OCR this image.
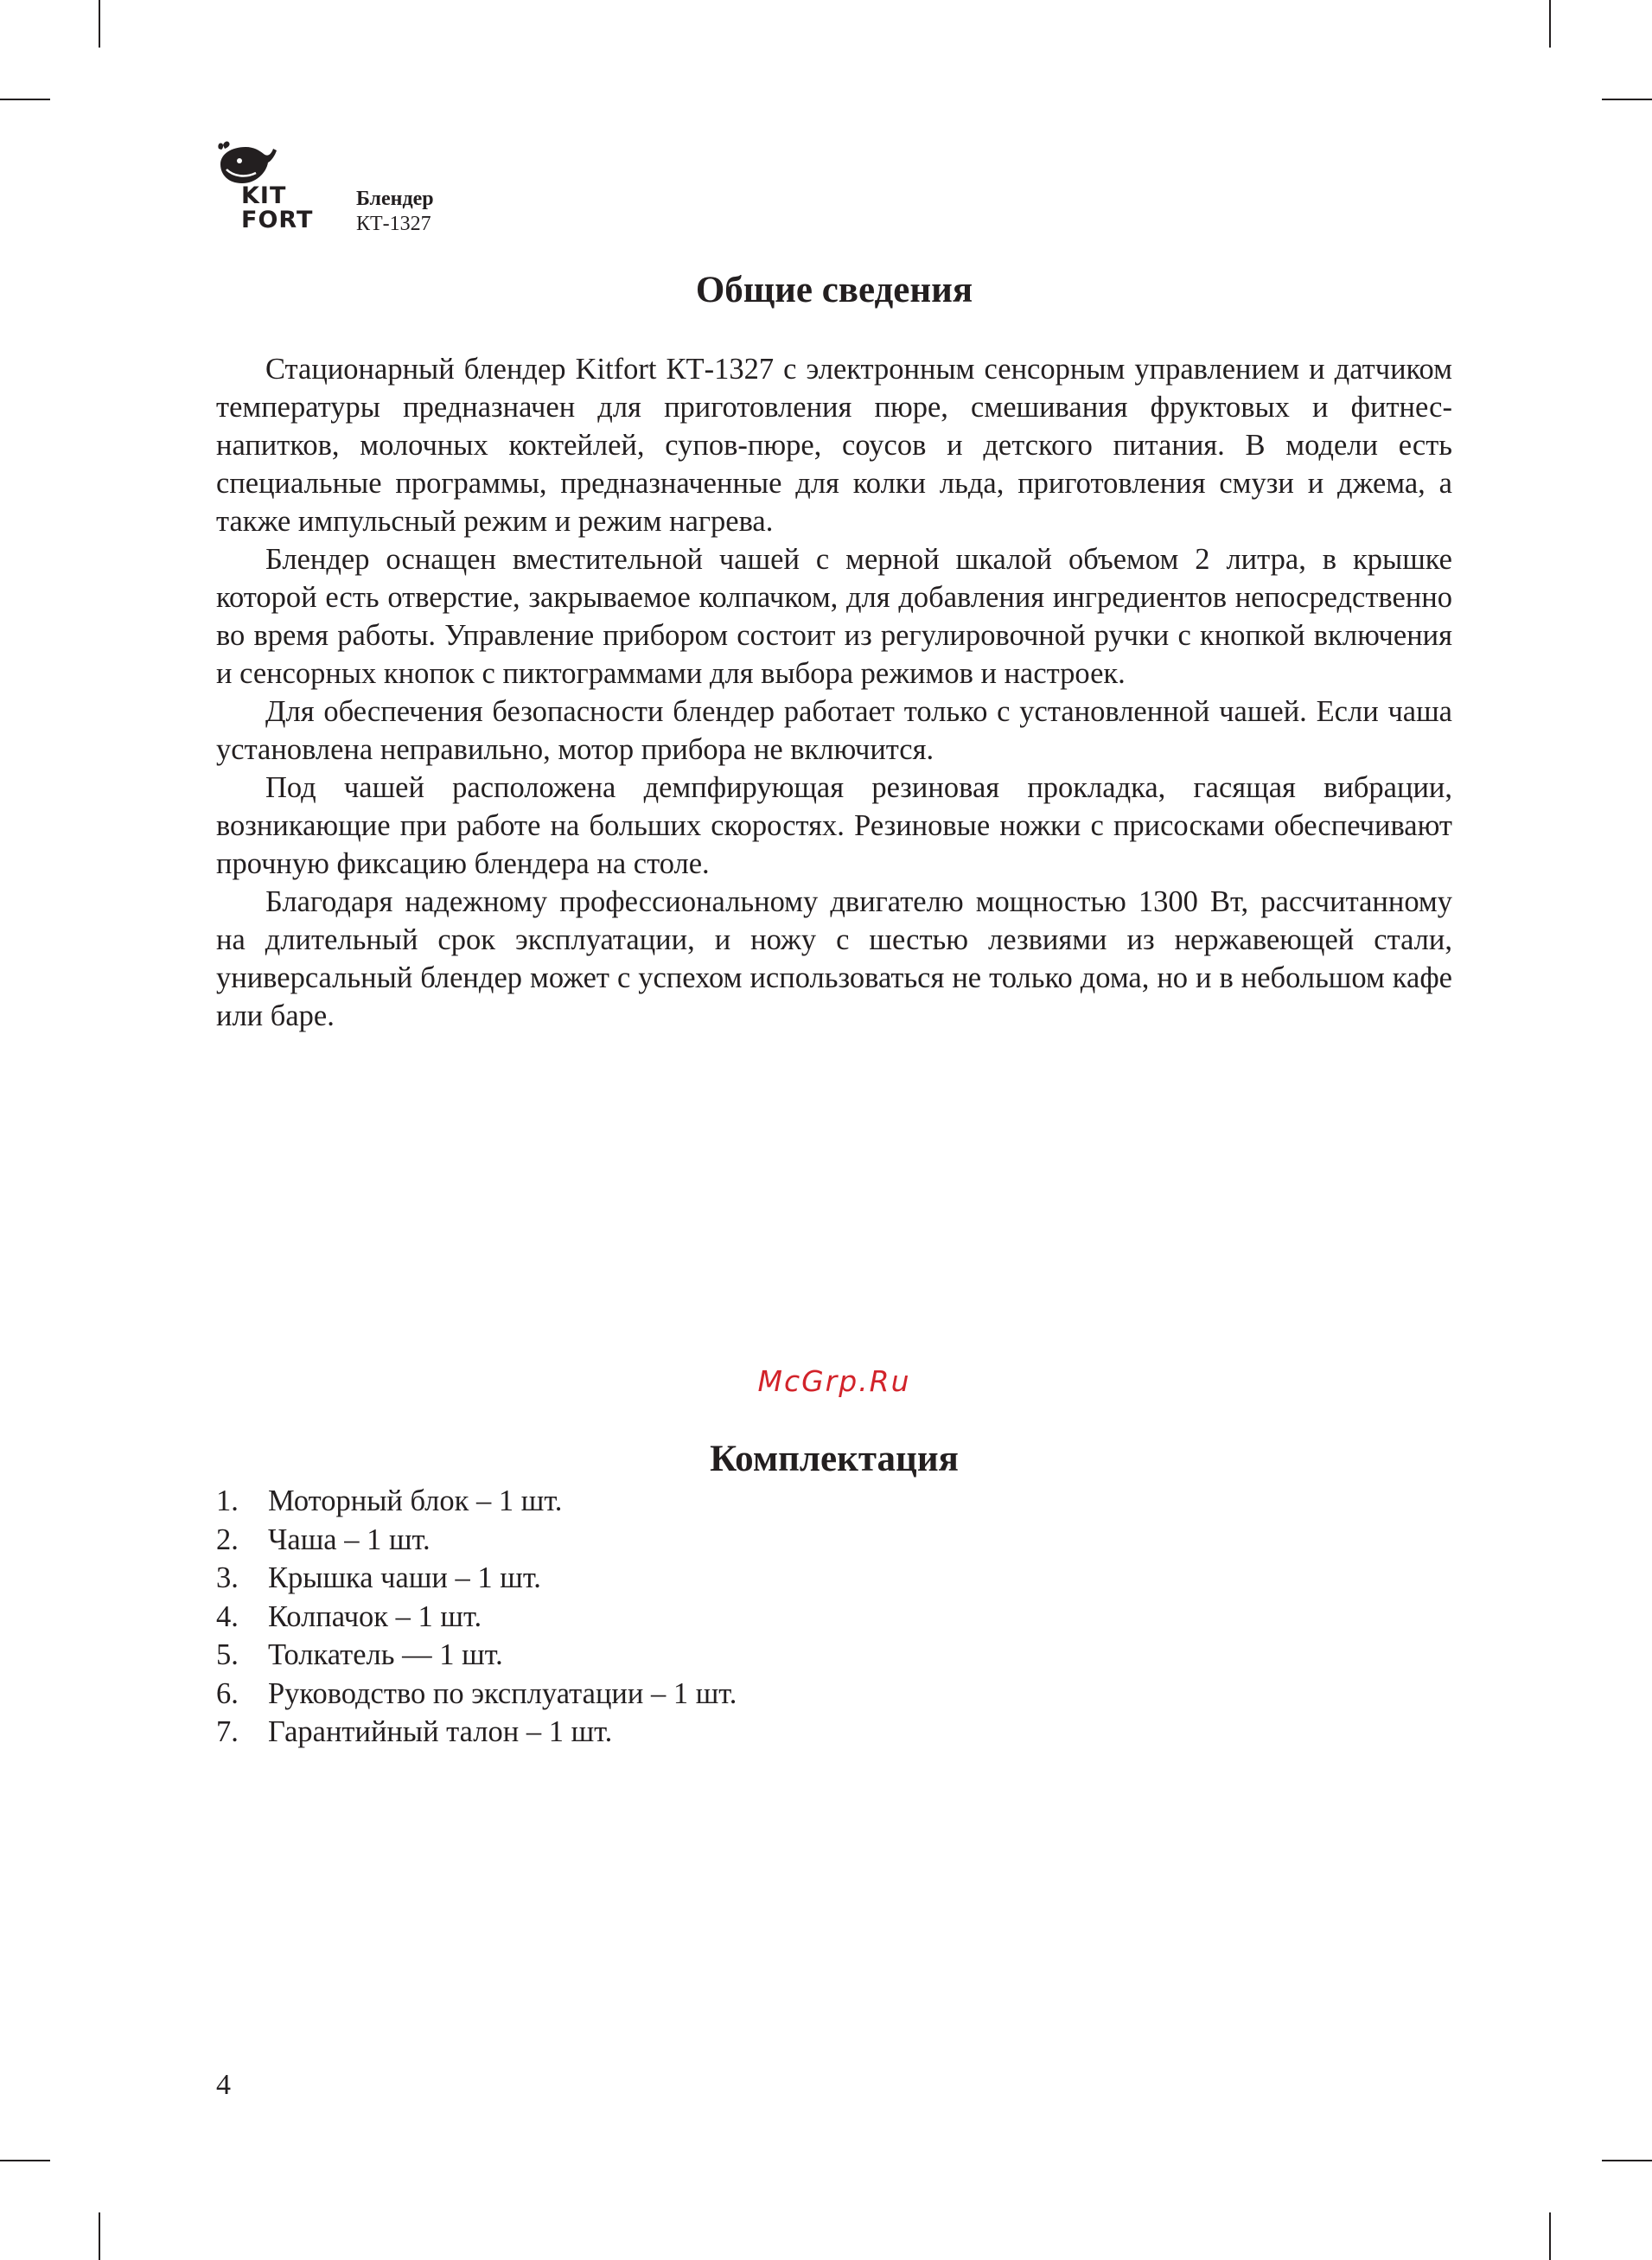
KIT
FORT
Блендер
КТ-1327
Общие сведения

Стационарный блендер Kitfort КТ-1327 с электронным сенсорным управлением и датчиком температуры предназначен для приготовления пюре, смешивания фруктовых и фитнес-напитков, молочных коктейлей, супов-пюре, соусов и детского питания. В модели есть специальные программы, предназначенные для колки льда, приготовления смузи и джема, а также импульсный режим и режим нагрева.

Блендер оснащен вместительной чашей с мерной шкалой объемом 2 литра, в крышке которой есть отверстие, закрываемое колпачком, для добавления ингредиентов непосредственно во время работы. Управление прибором состоит из регулировочной ручки с кнопкой включения и сенсорных кнопок с пиктограммами для выбора режимов и настроек.

Для обеспечения безопасности блендер работает только с установленной чашей. Если чаша установлена неправильно, мотор прибора не включится.

Под чашей расположена демпфирующая резиновая прокладка, гасящая вибрации, возникающие при работе на больших скоростях. Резиновые ножки с присосками обеспечивают прочную фиксацию блендера на столе.

Благодаря надежному профессиональному двигателю мощностью 1300 Вт, рассчитанному на длительный срок эксплуатации, и ножу с шестью лезвиями из нержавеющей стали, универсальный блендер может с успехом использоваться не только дома, но и в небольшом кафе или баре.

McGrp.Ru
Комплектация
1. Моторный блок – 1 шт.
2. Чаша – 1 шт.
3. Крышка чаши – 1 шт.
4. Колпачок – 1 шт.
5. Толкатель — 1 шт.
6. Руководство по эксплуатации – 1 шт.
7. Гарантийный талон – 1 шт.
4
